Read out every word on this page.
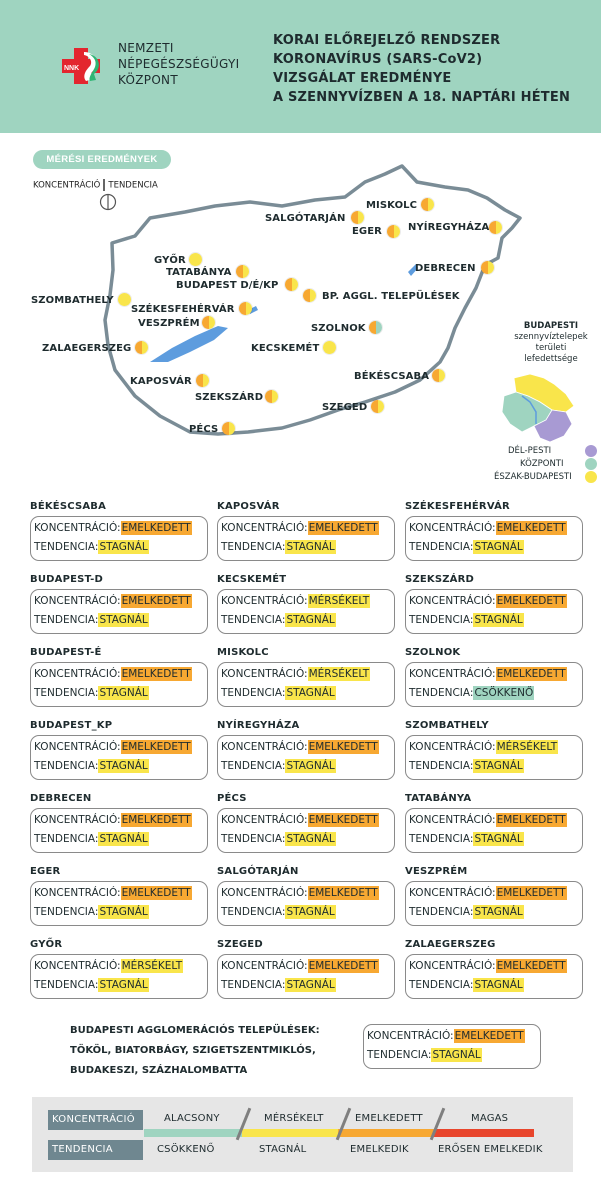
NNK
NEMZETI
NÉPEGÉSZSÉGÜGYI
KÖZPONT
KORAI ELŐREJELZŐ RENDSZER
KORONAVÍRUS (SARS-CoV2)
VIZSGÁLAT EREDMÉNYE
A SZENNYVÍZBEN A 18. NAPTÁRI HÉTEN
MÉRÉSI EREDMÉNYEK
KONCENTRÁCIÓ TENDENCIA
MISKOLC
SALGÓTARJÁN
EGER	NYÍREGYHÁZA
GYŐR
TATABÁNYA
BUDAPEST D/É/KP
BP. AGGL. TELEPÜLÉSEK
DEBRECEN
SZOMBATHELY
SZÉKESFEHÉRVÁR
VESZPRÉM	SZOLNOK
ZALAEGERSZEG	KECSKEMÉT
BÉKÉSCSABA
KAPOSVÁR
SZEKSZÁRD
SZEGED
PÉCS
BUDAPESTI
szennyvíztelepek
területi
lefedettsége
DÉL-PESTI
KÖZPONTI
ÉSZAK-BUDAPESTI
BÉKÉSCSABA
KONCENTRÁCIÓ:EMELKEDETT
TENDENCIA:STAGNÁL
KAPOSVÁR
KONCENTRÁCIÓ:EMELKEDETT
TENDENCIA:STAGNÁL
SZÉKESFEHÉRVÁR
KONCENTRÁCIÓ:EMELKEDETT
TENDENCIA:STAGNÁL
BUDAPEST-D
KONCENTRÁCIÓ:EMELKEDETT
TENDENCIA:STAGNÁL
KECSKEMÉT
KONCENTRÁCIÓ:MÉRSÉKELT
TENDENCIA:STAGNÁL
SZEKSZÁRD
KONCENTRÁCIÓ:EMELKEDETT
TENDENCIA:STAGNÁL
BUDAPEST-É
KONCENTRÁCIÓ:EMELKEDETT
TENDENCIA:STAGNÁL
MISKOLC
KONCENTRÁCIÓ:MÉRSÉKELT
TENDENCIA:STAGNÁL
SZOLNOK
KONCENTRÁCIÓ:EMELKEDETT
TENDENCIA:CSÖKKENŐ
BUDAPEST_KP
KONCENTRÁCIÓ:EMELKEDETT
TENDENCIA:STAGNÁL
NYÍREGYHÁZA
KONCENTRÁCIÓ:EMELKEDETT
TENDENCIA:STAGNÁL
SZOMBATHELY
KONCENTRÁCIÓ:MÉRSÉKELT
TENDENCIA:STAGNÁL
DEBRECEN
KONCENTRÁCIÓ:EMELKEDETT
TENDENCIA:STAGNÁL
PÉCS
KONCENTRÁCIÓ:EMELKEDETT
TENDENCIA:STAGNÁL
TATABÁNYA
KONCENTRÁCIÓ:EMELKEDETT
TENDENCIA:STAGNÁL
EGER
KONCENTRÁCIÓ:EMELKEDETT
TENDENCIA:STAGNÁL
SALGÓTARJÁN
KONCENTRÁCIÓ:EMELKEDETT
TENDENCIA:STAGNÁL
VESZPRÉM
KONCENTRÁCIÓ:EMELKEDETT
TENDENCIA:STAGNÁL
GYŐR
KONCENTRÁCIÓ:MÉRSÉKELT
TENDENCIA:STAGNÁL
SZEGED
KONCENTRÁCIÓ:EMELKEDETT
TENDENCIA:STAGNÁL
ZALAEGERSZEG
KONCENTRÁCIÓ:EMELKEDETT
TENDENCIA:STAGNÁL
BUDAPESTI AGGLOMERÁCIÓS TELEPÜLÉSEK:
TÖKÖL, BIATORBÁGY, SZIGETSZENTMIKLÓS,
BUDAKESZI, SZÁZHALOMBATTA
KONCENTRÁCIÓ:EMELKEDETT
TENDENCIA:STAGNÁL
KONCENTRÁCIÓ
TENDENCIA
ALACSONY	MÉRSÉKELT	EMELKEDETT	MAGAS
CSÖKKENŐ	STAGNÁL	EMELKEDIK	ERŐSEN EMELKEDIK
